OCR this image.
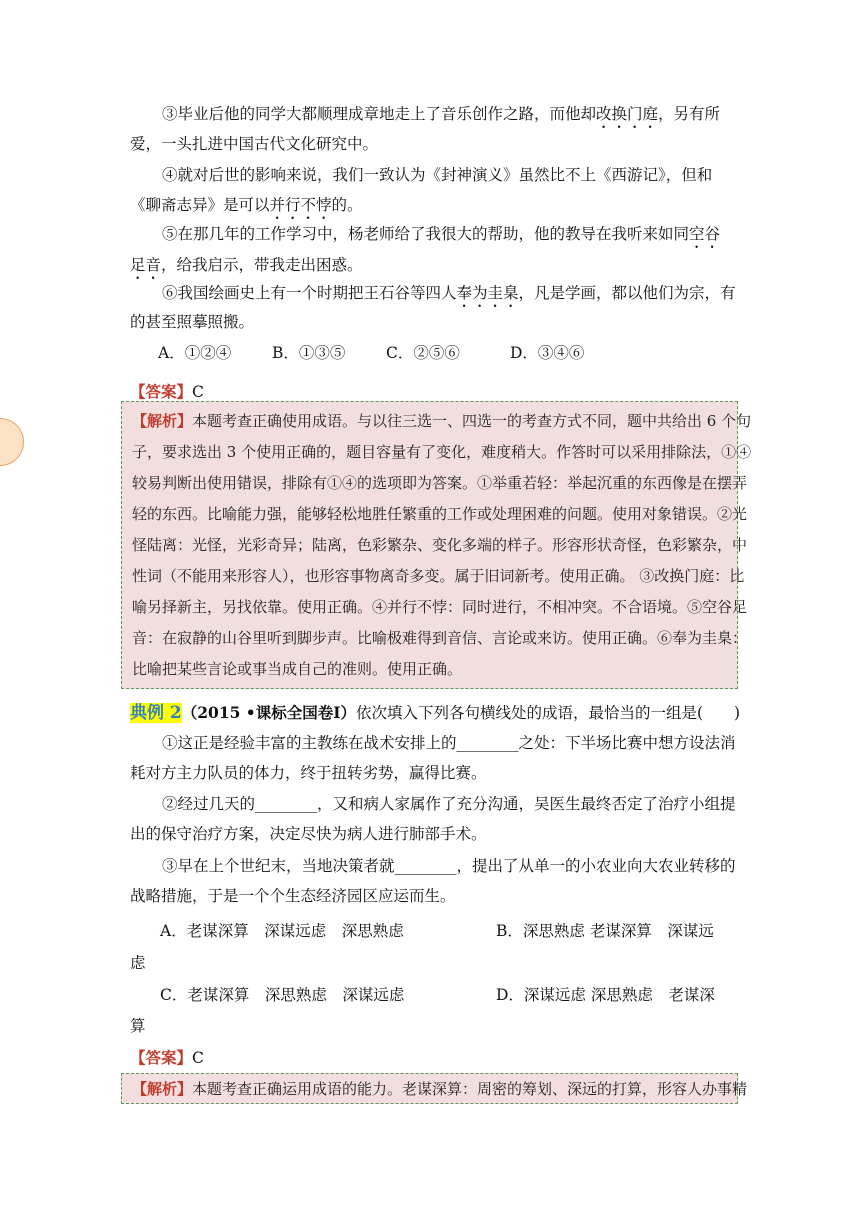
③毕业后他的同学大都顺理成章地走上了音乐创作之路，而他却改换门庭，另有所
爱，一头扎进中国古代文化研究中。
④就对后世的影响来说，我们一致认为《封神演义》虽然比不上《西游记》，但和
《聊斋志异》是可以并行不悖的。
⑤在那几年的工作学习中，杨老师给了我很大的帮助，他的教导在我听来如同空谷
足音，给我启示，带我走出困惑。
⑥我国绘画史上有一个时期把王石谷等四人奉为圭臬，凡是学画，都以他们为宗，有
的甚至照摹照搬。
A．①②④	B．①③⑤	C．②⑤⑥	D．③④⑥
【答案】C
【解析】本题考查正确使用成语。与以往三选一、四选一的考查方式不同，题中共给出 6 个句
子，要求选出 3 个使用正确的，题目容量有了变化，难度稍大。作答时可以采用排除法，①④
较易判断出使用错误，排除有①④的选项即为答案。①举重若轻：举起沉重的东西像是在摆弄
轻的东西。比喻能力强，能够轻松地胜任繁重的工作或处理困难的问题。使用对象错误。②光
怪陆离：光怪，光彩奇异；陆离，色彩繁杂、变化多端的样子。形容形状奇怪，色彩繁杂，中
性词（不能用来形容人），也形容事物离奇多变。属于旧词新考。使用正确。 ③改换门庭：比
喻另择新主，另找依靠。使用正确。④并行不悖：同时进行，不相冲突。不合语境。⑤空谷足
音：在寂静的山谷里听到脚步声。比喻极难得到音信、言论或来访。使用正确。⑥奉为圭臬：
比喻把某些言论或事当成自己的准则。使用正确。
典例 2（2015 •课标全国卷Ⅰ）依次填入下列各句横线处的成语，最恰当的一组是(　　)
①这正是经验丰富的主教练在战术安排上的________之处：下半场比赛中想方设法消
耗对方主力队员的体力，终于扭转劣势，赢得比赛。
②经过几天的________，又和病人家属作了充分沟通，吴医生最终否定了治疗小组提
出的保守治疗方案，决定尽快为病人进行肺部手术。
③早在上个世纪末，当地决策者就________，提出了从单一的小农业向大农业转移的
战略措施，于是一个个生态经济园区应运而生。
A．老谋深算　深谋远虑　深思熟虑	B．深思熟虑 老谋深算　深谋远
虑
C．老谋深算　深思熟虑　深谋远虑	D．深谋远虑 深思熟虑　老谋深
算
【答案】C
【解析】本题考查正确运用成语的能力。老谋深算：周密的筹划、深远的打算，形容人办事精
